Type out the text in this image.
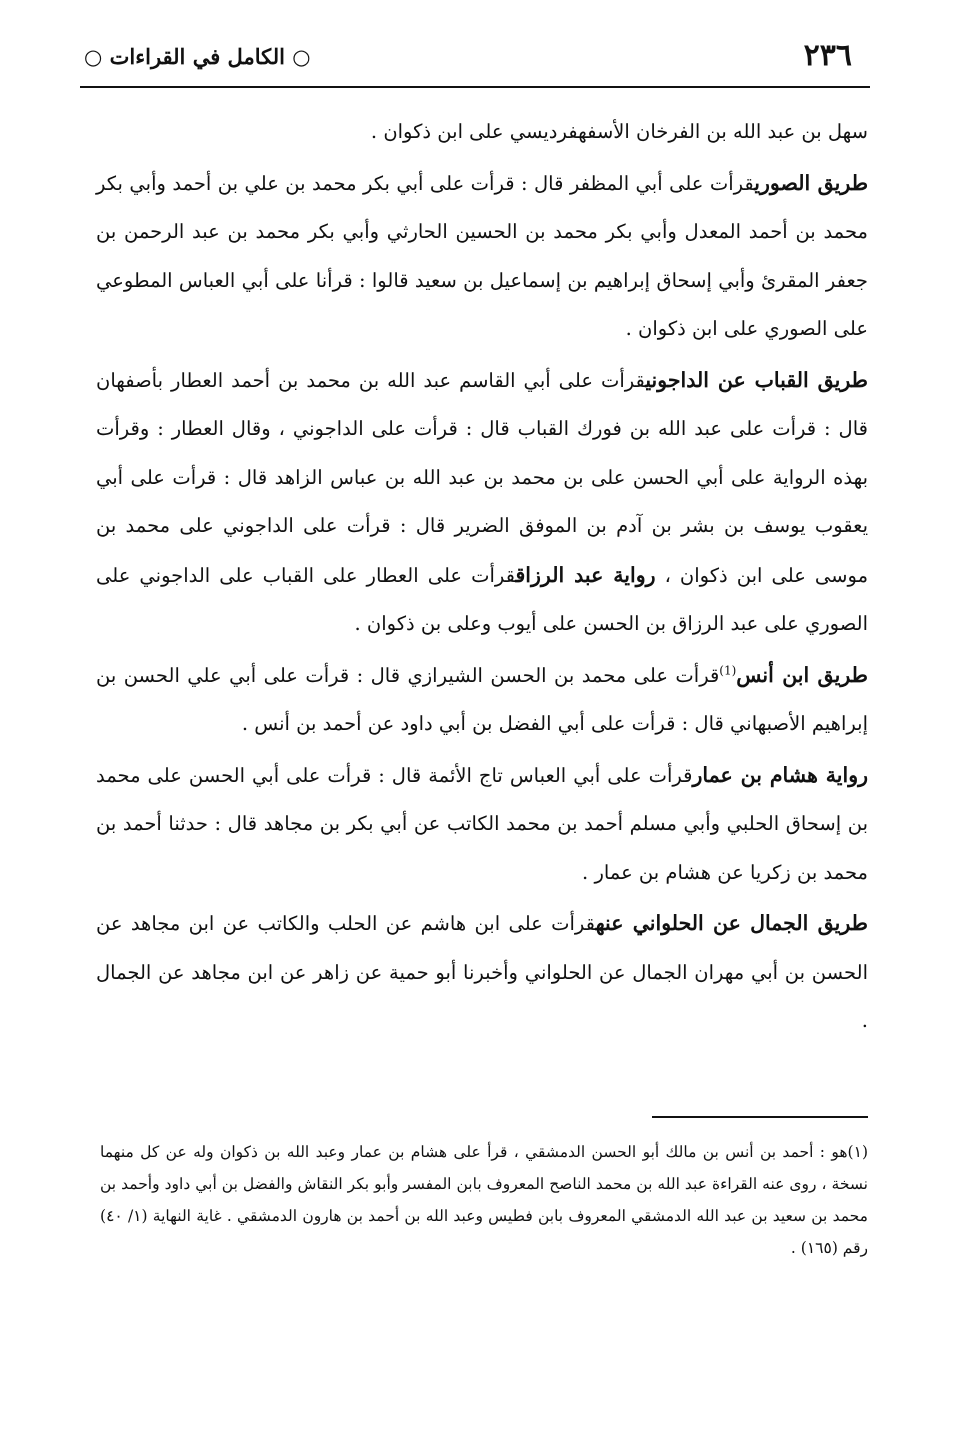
٢٣٦
○ الكامل في القراءات ○

سهل بن عبد الله بن الفرخان الأسفهفرديسي على ابن ذكوان .

طريق الصوريقرأت على أبي المظفر قال : قرأت على أبي بكر محمد بن علي بن أحمد وأبي بكر محمد بن أحمد المعدل وأبي بكر محمد بن الحسين الحارثي وأبي بكر محمد بن عبد الرحمن بن جعفر المقرئ وأبي إسحاق إبراهيم بن إسماعيل بن سعيد قالوا : قرأنا على أبي العباس المطوعي على الصوري على ابن ذكوان .

طريق القباب عن الداجونيقرأت على أبي القاسم عبد الله بن محمد بن أحمد العطار بأصفهان قال : قرأت على عبد الله بن فورك القباب قال : قرأت على الداجوني ، وقال العطار : وقرأت بهذه الرواية على أبي الحسن على بن محمد بن عبد الله بن عباس الزاهد قال : قرأت على أبي يعقوب يوسف بن بشر بن آدم بن الموفق الضرير قال : قرأت على الداجوني على محمد بن موسى على ابن ذكوان ، رواية عبد الرزاققرأت على العطار على القباب على الداجوني على الصوري على عبد الرزاق بن الحسن على أيوب وعلى بن ذكوان .

طريق ابن أنس$^{(1)}$قرأت على محمد بن الحسن الشيرازي قال : قرأت على أبي علي الحسن بن إبراهيم الأصبهاني قال : قرأت على أبي الفضل بن أبي داود عن أحمد بن أنس .

رواية هشام بن عمارقرأت على أبي العباس تاج الأئمة قال : قرأت على أبي الحسن على محمد بن إسحاق الحلبي وأبي مسلم أحمد بن محمد الكاتب عن أبي بكر بن مجاهد قال : حدثنا أحمد بن محمد بن زكريا عن هشام بن عمار .

طريق الجمال عن الحلواني عنهقرأت على ابن هاشم عن الحلب والكاتب عن ابن مجاهد عن الحسن بن أبي مهران الجمال عن الحلواني وأخبرنا أبو حمية عن زاهر عن ابن مجاهد عن الجمال .

(١)هو : أحمد بن أنس بن مالك أبو الحسن الدمشقي ، قرأ على هشام بن عمار وعبد الله بن ذكوان وله عن كل منهما نسخة ، روى عنه القراءة عبد الله بن محمد الناصح المعروف بابن المفسر وأبو بكر النقاش والفضل بن أبي داود وأحمد بن محمد بن سعيد بن عبد الله الدمشقي المعروف بابن فطيس وعبد الله بن أحمد بن هارون الدمشقي . غاية النهاية (١/ ٤٠) رقم (١٦٥) .
